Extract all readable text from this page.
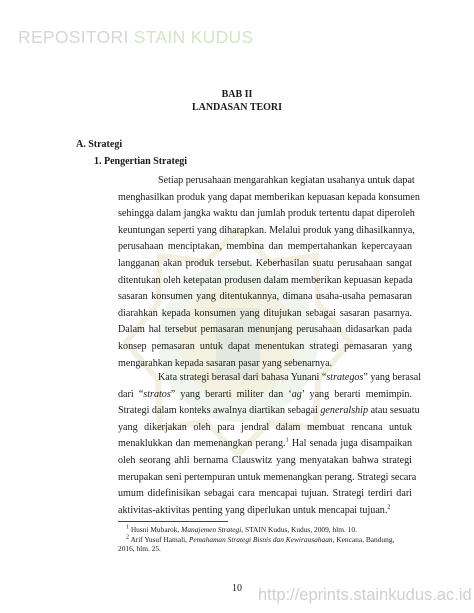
REPOSITORI STAIN KUDUS
BAB II
LANDASAN TEORI
A. Strategi
1. Pengertian Strategi
Setiap perusahaan mengarahkan kegiatan usahanya untuk dapat
menghasilkan produk yang dapat memberikan kepuasan kepada konsumen
sehingga dalam jangka waktu dan jumlah produk tertentu dapat diperoleh
keuntungan seperti yang diharapkan. Melalui produk yang dihasilkannya,
perusahaan menciptakan, membina dan mempertahankan kepercayaan
langganan akan produk tersebut. Keberhasilan suatu perusahaan sangat
ditentukan oleh ketepatan produsen dalam memberikan kepuasan kepada
sasaran konsumen yang ditentukannya, dimana usaha-usaha pemasaran
diarahkan kepada konsumen yang ditujukan sebagai sasaran pasarnya.
Dalam hal tersebut pemasaran menunjang perusahaan didasarkan pada
konsep pemasaran untuk dapat menentukan strategi pemasaran yang
mengarahkan kepada sasaran pasar yang sebenarnya.
Kata strategi berasal dari bahasa Yunani “strategos” yang berasal
dari “stratos” yang berarti militer dan ‘ag’ yang berarti memimpin.
Strategi dalam konteks awalnya diartikan sebagai generalship atau sesuatu
yang dikerjakan oleh para jendral dalam membuat rencana untuk
menaklukkan dan memenangkan perang.$^1$ Hal senada juga disampaikan
oleh seorang ahli bernama Clauswitz yang menyatakan bahwa strategi
merupakan seni pertempuran untuk memenangkan perang. Strategi secara
umum didefinisikan sebagai cara mencapai tujuan. Strategi terdiri dari
aktivitas-aktivitas penting yang diperlukan untuk mencapai tujuan.$^2$
$^1$ Husni Mubarok, Manajemen Strategi, STAIN Kudus, Kudus, 2009, hlm. 10.
$^2$ Arif Yusuf Hamali, Pemahaman Strategi Bisnis dan Kewirausahaan, Kencana, Bandung,
2016, hlm. 25.
10 http://eprints.stainkudus.ac.id
